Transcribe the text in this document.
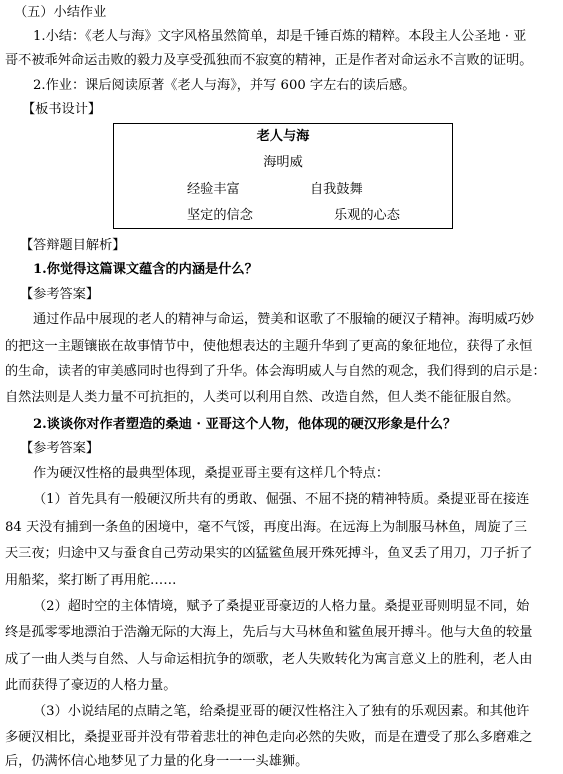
（五）小结作业
1.小结：《老人与海》文字风格虽然简单，却是千锤百炼的精粹。本段主人公圣地 · 亚
哥不被乖舛命运击败的毅力及享受孤独而不寂寞的精神，正是作者对命运永不言败的证明。
2.作业：课后阅读原著《老人与海》，并写 600 字左右的读后感。
【板书设计】
老人与海
海明威
经验丰富	自我鼓舞
坚定的信念	乐观的心态
【答辩题目解析】
1.你觉得这篇课文蕴含的内涵是什么？
【参考答案】
通过作品中展现的老人的精神与命运，赞美和讴歌了不服输的硬汉子精神。海明威巧妙
的把这一主题镶嵌在故事情节中，使他想表达的主题升华到了更高的象征地位，获得了永恒
的生命，读者的审美感同时也得到了升华。体会海明威人与自然的观念，我们得到的启示是：
自然法则是人类力量不可抗拒的，人类可以利用自然、改造自然，但人类不能征服自然。
2.谈谈你对作者塑造的桑迪 · 亚哥这个人物，他体现的硬汉形象是什么？
【参考答案】
作为硬汉性格的最典型体现，桑提亚哥主要有这样几个特点：
（1）首先具有一般硬汉所共有的勇敢、倔强、不屈不挠的精神特质。桑提亚哥在接连
84 天没有捕到一条鱼的困境中，毫不气馁，再度出海。在远海上为制服马林鱼，周旋了三
天三夜；归途中又与蚕食自己劳动果实的凶猛鲨鱼展开殊死搏斗，鱼叉丢了用刀，刀子折了
用船桨，桨打断了再用舵……
（2）超时空的主体情境，赋予了桑提亚哥豪迈的人格力量。桑提亚哥则明显不同，始
终是孤零零地漂泊于浩瀚无际的大海上，先后与大马林鱼和鲨鱼展开搏斗。他与大鱼的较量
成了一曲人类与自然、人与命运相抗争的颂歌，老人失败转化为寓言意义上的胜利，老人由
此而获得了豪迈的人格力量。
（3）小说结尾的点睛之笔，给桑提亚哥的硬汉性格注入了独有的乐观因素。和其他许
多硬汉相比，桑提亚哥并没有带着悲壮的神色走向必然的失败，而是在遭受了那么多磨难之
后，仍满怀信心地梦见了力量的化身一一一头雄狮。
